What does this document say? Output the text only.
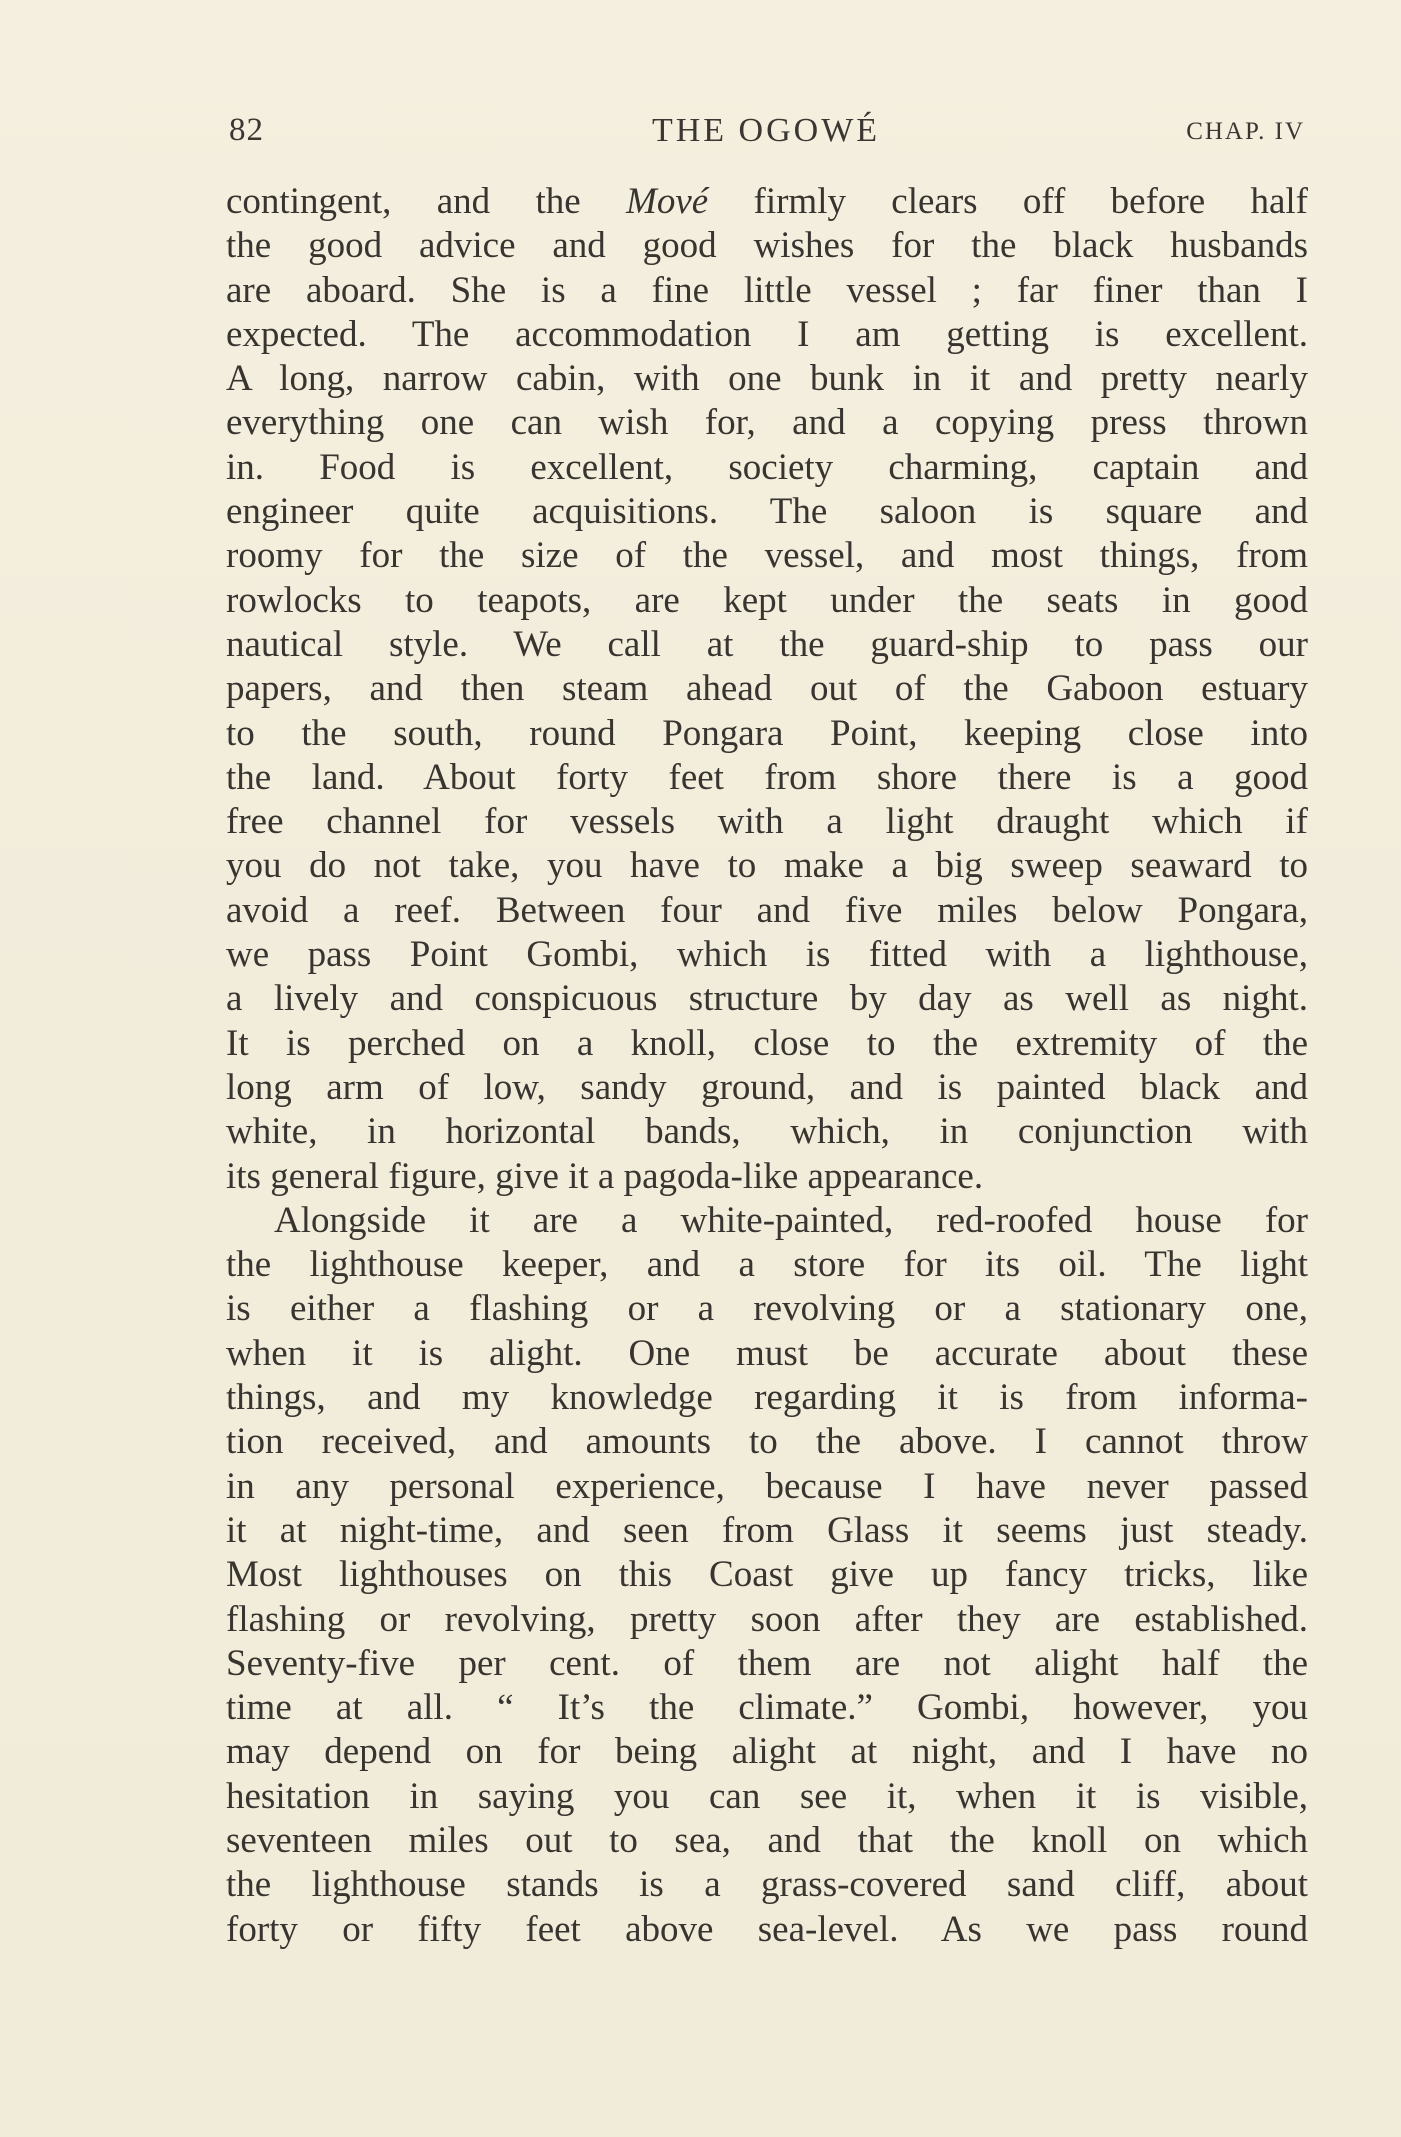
82	THE OGOWÉ	CHAP. IV
contingent, and the Mové firmly clears off before half
the good advice and good wishes for the black husbands
are aboard. She is a fine little vessel ; far finer than I
expected. The accommodation I am getting is excellent.
A long, narrow cabin, with one bunk in it and pretty nearly
everything one can wish for, and a copying press thrown
in. Food is excellent, society charming, captain and
engineer quite acquisitions. The saloon is square and
roomy for the size of the vessel, and most things, from
rowlocks to teapots, are kept under the seats in good
nautical style. We call at the guard-ship to pass our
papers, and then steam ahead out of the Gaboon estuary
to the south, round Pongara Point, keeping close into
the land. About forty feet from shore there is a good
free channel for vessels with a light draught which if
you do not take, you have to make a big sweep seaward to
avoid a reef. Between four and five miles below Pongara,
we pass Point Gombi, which is fitted with a lighthouse,
a lively and conspicuous structure by day as well as night.
It is perched on a knoll, close to the extremity of the
long arm of low, sandy ground, and is painted black and
white, in horizontal bands, which, in conjunction with
its general figure, give it a pagoda-like appearance.
Alongside it are a white-painted, red-roofed house for
the lighthouse keeper, and a store for its oil. The light
is either a flashing or a revolving or a stationary one,
when it is alight. One must be accurate about these
things, and my knowledge regarding it is from informa-
tion received, and amounts to the above. I cannot throw
in any personal experience, because I have never passed
it at night-time, and seen from Glass it seems just steady.
Most lighthouses on this Coast give up fancy tricks, like
flashing or revolving, pretty soon after they are established.
Seventy-five per cent. of them are not alight half the
time at all. “ It’s the climate.” Gombi, however, you
may depend on for being alight at night, and I have no
hesitation in saying you can see it, when it is visible,
seventeen miles out to sea, and that the knoll on which
the lighthouse stands is a grass-covered sand cliff, about
forty or fifty feet above sea-level. As we pass round
